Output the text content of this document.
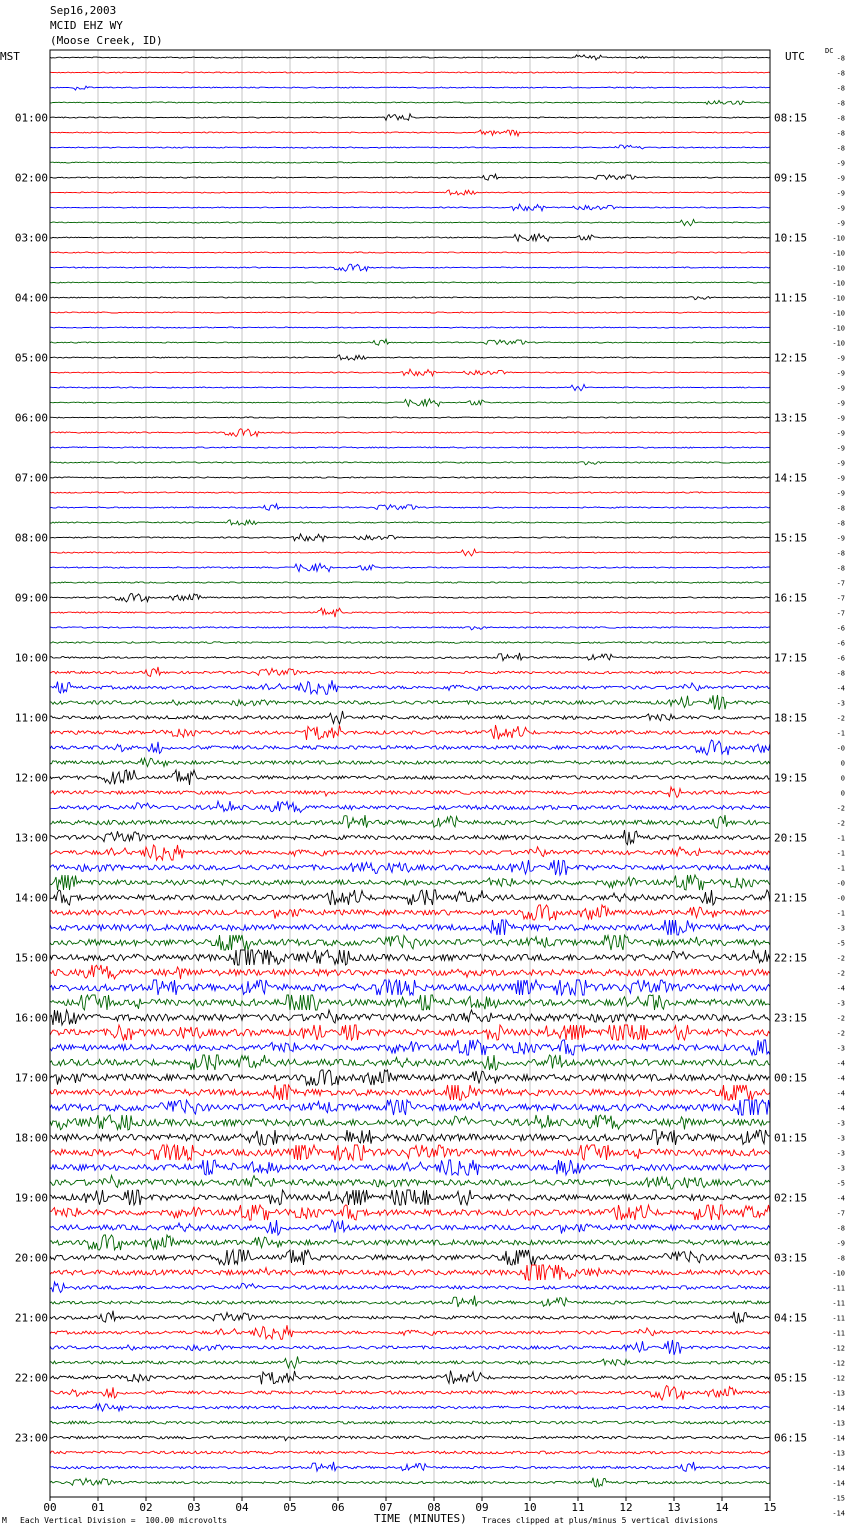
01:00
02:00
03:00
04:00
05:00
06:00
07:00
08:00
09:00
10:00
11:00
12:00
13:00
14:00
15:00
16:00
17:00
18:00
19:00
20:00
21:00
22:00
23:00
08:15
09:15
10:15
11:15
12:15
13:15
14:15
15:15
16:15
17:15
18:15
19:15
20:15
21:15
22:15
23:15
00:15
01:15
02:15
03:15
04:15
05:15
06:15
-8
-8
-8
-8
-8
-8
-8
-9
-9
-9
-9
-9
-10
-10
-10
-10
-10
-10
-10
-10
-9
-9
-9
-9
-9
-9
-9
-9
-9
-9
-8
-8
-9
-8
-8
-7
-7
-7
-6
-6
-6
-8
-4
-3
-2
-1
-0
0
0
0
-2
-2
-1
-1
-1
-0
-0
-1
-3
-5
-2
-2
-4
-3
-2
-2
-3
-4
-4
-4
-4
-3
-3
-3
-3
-5
-4
-7
-8
-9
-8
-10
-11
-11
-11
-11
-12
-12
-12
-13
-14
-13
-14
-13
-14
-14
-15
-14
00	01	02	03	04	05	06	07	08	09	10	11	12	13	14	15
Sep16,2003
MCID EHZ WY
(Moose Creek, ID)
MST	UTC	DC
M Each Vertical Division =  100.00 microvolts	TIME (MINUTES) Traces clipped at plus/minus 5 vertical divisions
